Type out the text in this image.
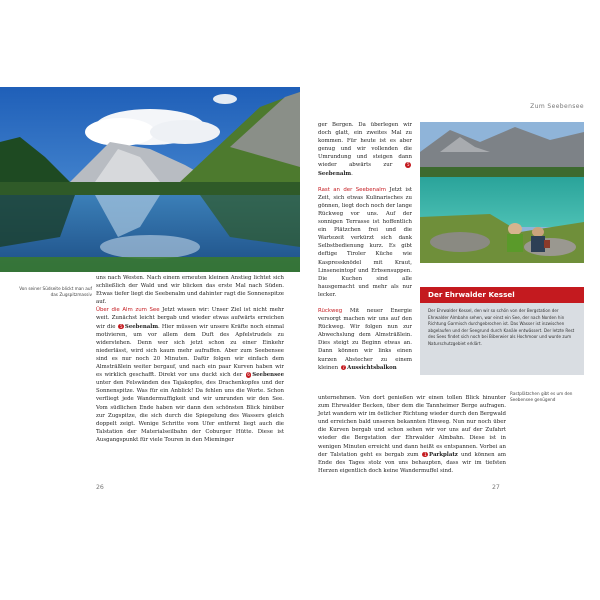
Von seiner Südseite blickt man auf das Zugspitzmassiv

uns nach Westen. Nach einem erneuten kleinen Anstieg lichtet sich schließlich der Wald und wir blicken das erste Mal nach Süden. Etwas tiefer liegt die Seebenalm und dahinter ragt die Sonnenspitze auf.

Über die Alm zum See Jetzt wissen wir: Unser Ziel ist nicht mehr weit. Zunächst leicht bergab und wieder etwas aufwärts erreichen wir die 5 Seebenalm. Hier müssen wir unsere Kräfte noch einmal motivieren, um vor allem dem Duft des Apfelstrudels zu widerstehen. Denn wer sich jetzt schon zu einer Einkehr niederlässt, wird sich kaum mehr aufraffen. Aber zum Seebensee sind es nur noch 20 Minuten. Dafür folgen wir einfach dem Almsträßlein weiter bergauf, und nach ein paar Kurven haben wir es wirklich geschafft. Direkt vor uns duckt sich der 6 Seebensee unter den Felswänden des Tajakopfes, des Drachenkopfes und der Sonnenspitze. Was für ein Anblick! Da fehlen uns die Worte. Schon verfliegt jede Wandermuffigkeit und wir umrunden wir den See. Vom südlichen Ende haben wir dann den schönsten Blick hinüber zur Zugspitze, die sich durch die Spiegelung des Wassers gleich doppelt zeigt. Wenige Schritte vom Ufer entfernt liegt auch die Talstation der Materialseilbahn der Coburger Hütte. Diese ist Ausgangspunkt für viele Touren in den Mieminger

Zum Seebensee

ger Bergen. Da überlegen wir doch glatt, ein zweites Mal zu kommen. Für heute ist es aber genug und wir vollenden die Umrundung und steigen dann wieder abwärts zur 5Seebenalm.

Rast an der Seebenalm Jetzt ist Zeit, sich etwas Kulinarisches zu gönnen, liegt doch noch der lange Rückweg vor uns. Auf der sonnigen Terrasse ist hoffentlich ein Plätzchen frei und die Wartezeit verkürzt sich dank Selbstbedienung kurz. Es gibt deftige Tiroler Küche wie Kaspressknödel mit Kraut, Linseneintopf und Erbsensuppen. Die Kuchen sind alle hausgemacht und mehr als nur lecker.

Rückweg Mit neuer Energie versorgt machen wir uns auf den Rückweg. Wir folgen nun zur Abwechslung dem Almsträßlein. Dies steigt zu Beginn etwas an. Dann können wir links einen kurzen Abstecher zu einem kleinen 7 Aussichtsbalkon

unternehmen. Von dort genießen wir einen tollen Blick hinunter zum Ehrwalder Becken, über dem die Tannheimer Berge aufragen. Jetzt wandern wir im östlicher Richtung wieder durch den Bergwald und erreichen bald unseren bekannten Hinweg. Nun nur noch über die Kurven bergab und schon sehen wir vor uns auf der Zufahrt wieder die Bergstation der Ehrwalder Almbahn. Diese ist in wenigen Minuten erreicht und dann heißt es entspannen. Vorbei an der Talstation geht es bergab zum 1 Parkplatz und können am Ende des Tages stolz von uns behaupten, dass wir im tiefsten Herzen eigentlich doch keine Wandermuffel sind.

Rastplätzchen gibt es um den Seebensee genügend
Der Ehrwalder Kessel
Der Ehrwalder Kessel, den wir so schön von der Bergstation der Ehrwalder Almbahn sehen, war einst ein See, der nach Norden hin Richtung Garmisch durchgebrochen ist. Das Wasser ist inzwischen abgelaufen und der Seegrund durch Kanäle entwässert. Der letzte Rest des Sees findet sich noch bei Biberwier als Hochmoor und wurde zum Naturschutzgebiet erklärt.
26	27
